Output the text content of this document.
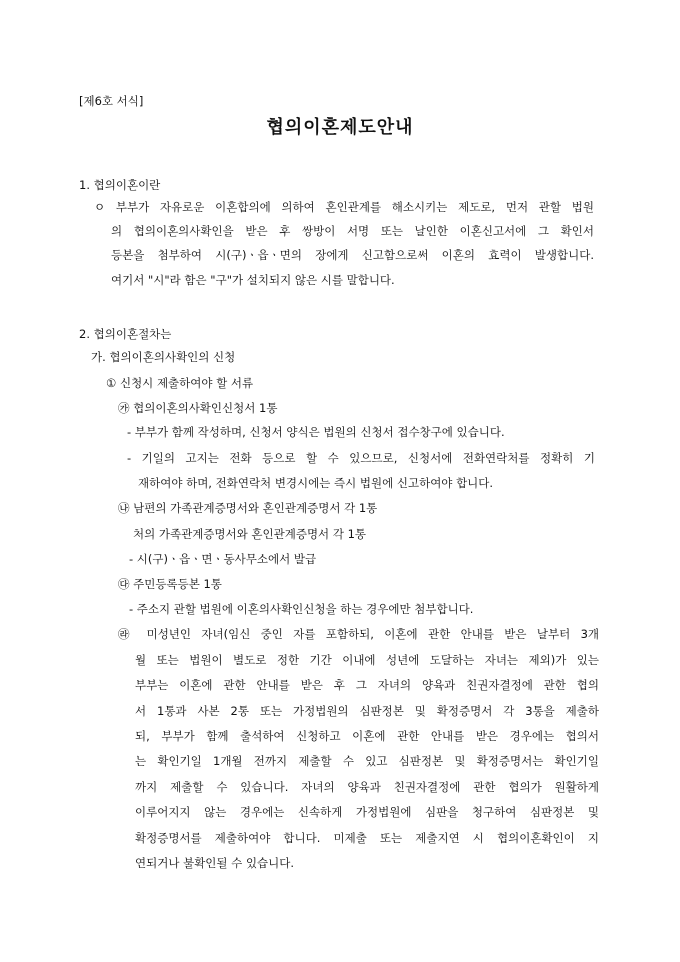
[제6호 서식]
협의이혼제도안내
1. 협의이혼이란
ㅇ 부부가 자유로운 이혼합의에 의하여 혼인관계를 해소시키는 제도로, 먼저 관할 법원
의 협의이혼의사확인을 받은 후 쌍방이 서명 또는 날인한 이혼신고서에 그 확인서
등본을 첨부하여 시(구)ㆍ읍ㆍ면의 장에게 신고함으로써 이혼의 효력이 발생합니다.
여기서 "시"라 함은 "구"가 설치되지 않은 시를 말합니다.
2. 협의이혼절차는
가. 협의이혼의사확인의 신청
① 신청시 제출하여야 할 서류
㉮ 협의이혼의사확인신청서 1통
- 부부가 함께 작성하며, 신청서 양식은 법원의 신청서 접수창구에 있습니다.
- 기일의 고지는 전화 등으로 할 수 있으므로, 신청서에 전화연락처를 정확히 기
재하여야 하며, 전화연락처 변경시에는 즉시 법원에 신고하여야 합니다.
㉯ 남편의 가족관계증명서와 혼인관계증명서 각 1통
처의 가족관계증명서와 혼인관계증명서 각 1통
- 시(구)ㆍ읍ㆍ면ㆍ동사무소에서 발급
㉰ 주민등록등본 1통
- 주소지 관할 법원에 이혼의사확인신청을 하는 경우에만 첨부합니다.
㉱ 미성년인 자녀(임신 중인 자를 포함하되, 이혼에 관한 안내를 받은 날부터 3개
월 또는 법원이 별도로 정한 기간 이내에 성년에 도달하는 자녀는 제외)가 있는
부부는 이혼에 관한 안내를 받은 후 그 자녀의 양육과 친권자결정에 관한 협의
서 1통과 사본 2통 또는 가정법원의 심판정본 및 확정증명서 각 3통을 제출하
되, 부부가 함께 출석하여 신청하고 이혼에 관한 안내를 받은 경우에는 협의서
는 확인기일 1개월 전까지 제출할 수 있고 심판정본 및 확정증명서는 확인기일
까지 제출할 수 있습니다. 자녀의 양육과 친권자결정에 관한 협의가 원활하게
이루어지지 않는 경우에는 신속하게 가정법원에 심판을 청구하여 심판정본 및
확정증명서를 제출하여야 합니다. 미제출 또는 제출지연 시 협의이혼확인이 지
연되거나 불확인될 수 있습니다.
